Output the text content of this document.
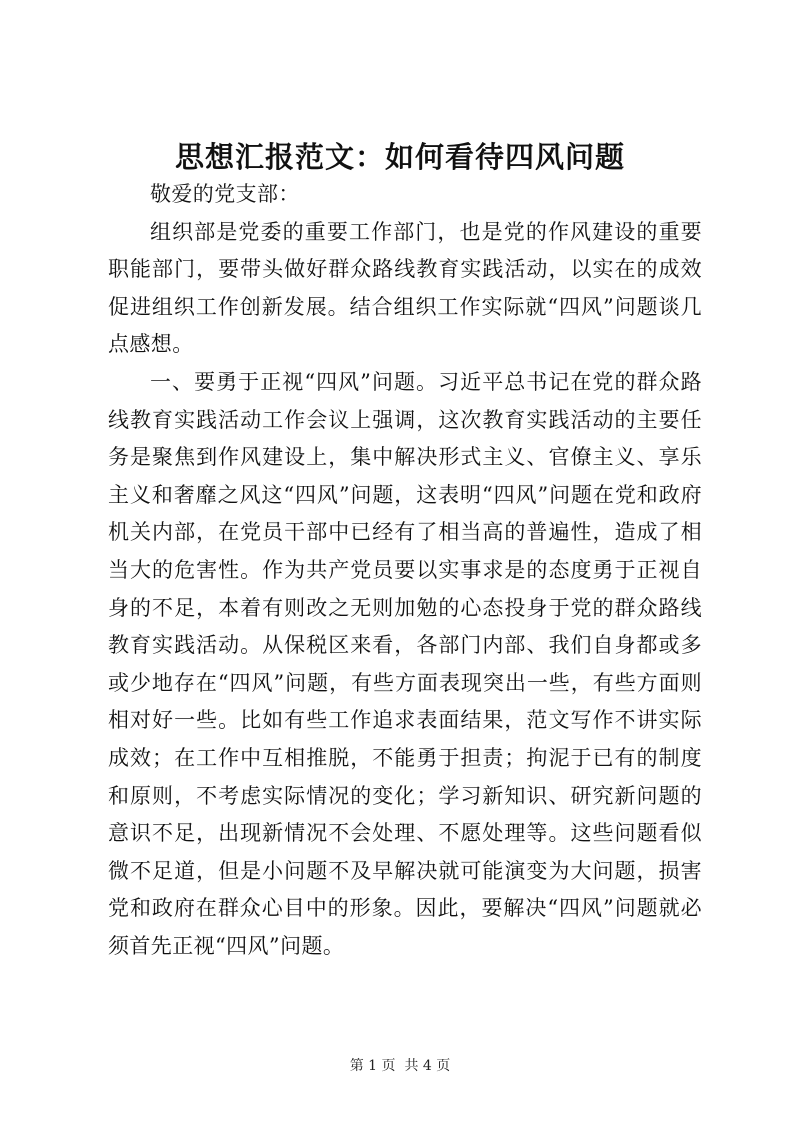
思想汇报范文：如何看待四风问题

敬爱的党支部：

组织部是党委的重要工作部门，也是党的作风建设的重要职能部门，要带头做好群众路线教育实践活动，以实在的成效促进组织工作创新发展。结合组织工作实际就“四风”问题谈几点感想。

一、要勇于正视“四风”问题。习近平总书记在党的群众路线教育实践活动工作会议上强调，这次教育实践活动的主要任务是聚焦到作风建设上，集中解决形式主义、官僚主义、享乐主义和奢靡之风这“四风”问题，这表明“四风”问题在党和政府机关内部，在党员干部中已经有了相当高的普遍性，造成了相当大的危害性。作为共产党员要以实事求是的态度勇于正视自身的不足，本着有则改之无则加勉的心态投身于党的群众路线教育实践活动。从保税区来看，各部门内部、我们自身都或多或少地存在“四风”问题，有些方面表现突出一些，有些方面则相对好一些。比如有些工作追求表面结果，范文写作不讲实际成效；在工作中互相推脱，不能勇于担责；拘泥于已有的制度和原则，不考虑实际情况的变化；学习新知识、研究新问题的意识不足，出现新情况不会处理、不愿处理等。这些问题看似微不足道，但是小问题不及早解决就可能演变为大问题，损害党和政府在群众心目中的形象。因此，要解决“四风”问题就必须首先正视“四风”问题。

第 1 页  共 4 页
